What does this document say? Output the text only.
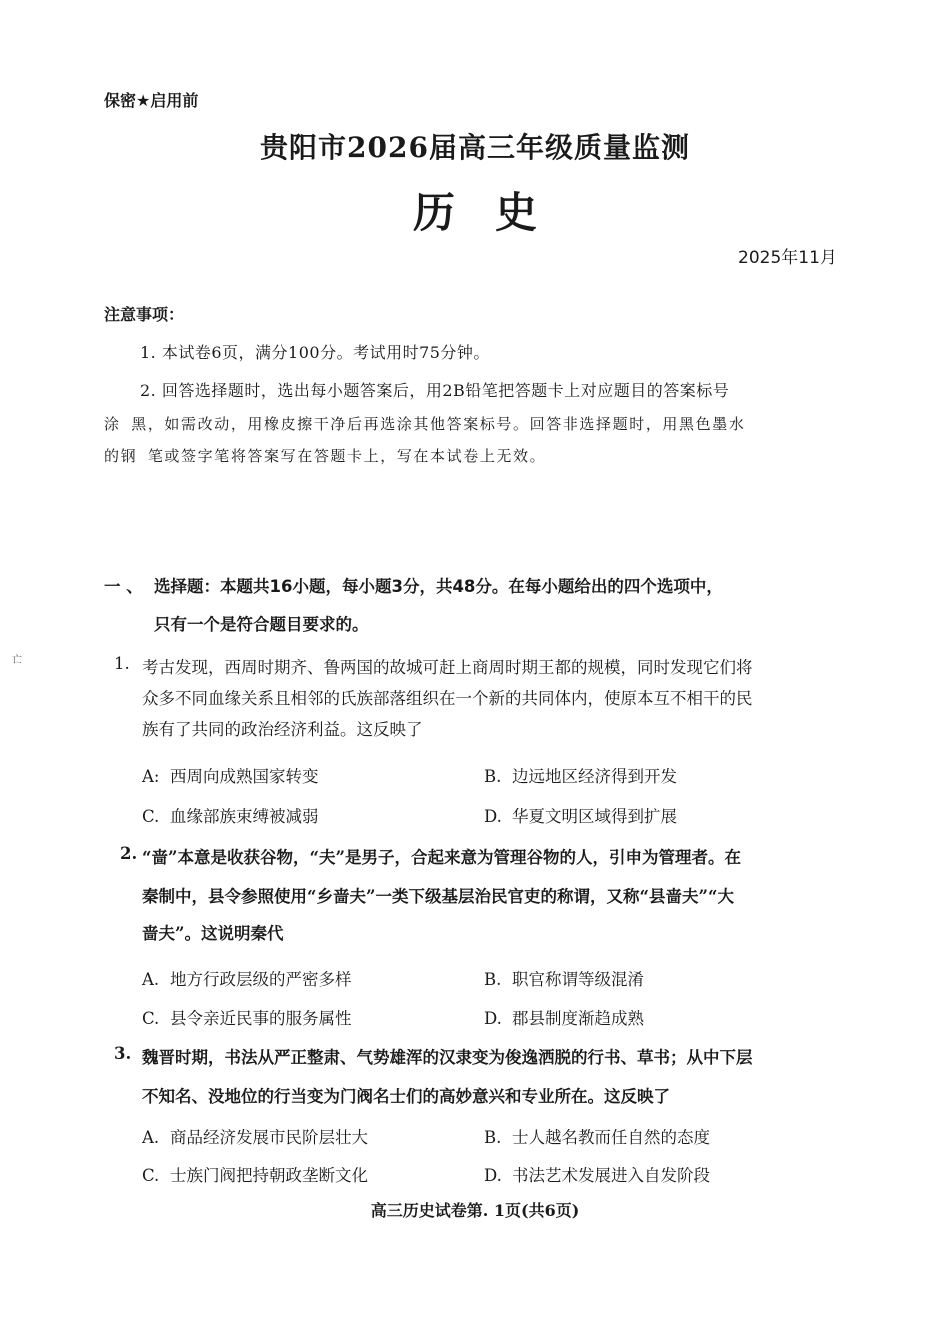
保密★启用前
贵阳市2026届高三年级质量监测
历史
2025年11月
注意事项：
1. 本试卷6页，满分100分。考试用时75分钟。
2. 回答选择题时，选出每小题答案后，用2B铅笔把答题卡上对应题目的答案标号
涂 黑，如需改动，用橡皮擦干净后再选涂其他答案标号。回答非选择题时，用黑色墨水
的钢 笔或签字笔将答案写在答题卡上，写在本试卷上无效。
一 、 选择题：本题共16小题，每小题3分，共48分。在每小题给出的四个选项中，
只有一个是符合题目要求的。
亡	1. 考古发现，西周时期齐、鲁两国的故城可赶上商周时期王都的规模，同时发现它们将
众多不同血缘关系且相邻的氏族部落组织在一个新的共同体内，使原本互不相干的民
族有了共同的政治经济利益。这反映了
A: 西周向成熟国家转变	B. 边远地区经济得到开发
C. 血缘部族束缚被减弱	D. 华夏文明区域得到扩展
2. “啬”本意是收获谷物，“夫”是男子，合起来意为管理谷物的人，引申为管理者。在
秦制中，县令参照使用“乡啬夫”一类下级基层治民官吏的称谓，又称“县啬夫”“大
啬夫”。这说明秦代
A. 地方行政层级的严密多样	B. 职官称谓等级混淆
C. 县令亲近民事的服务属性	D. 郡县制度渐趋成熟
3. 魏晋时期，书法从严正整肃、气势雄浑的汉隶变为俊逸洒脱的行书、草书；从中下层
不知名、没地位的行当变为门阀名士们的高妙意兴和专业所在。这反映了
A. 商品经济发展市民阶层壮大	B. 士人越名教而任自然的态度
C. 士族门阀把持朝政垄断文化	D. 书法艺术发展进入自发阶段
高三历史试卷第. 1页(共6页)
